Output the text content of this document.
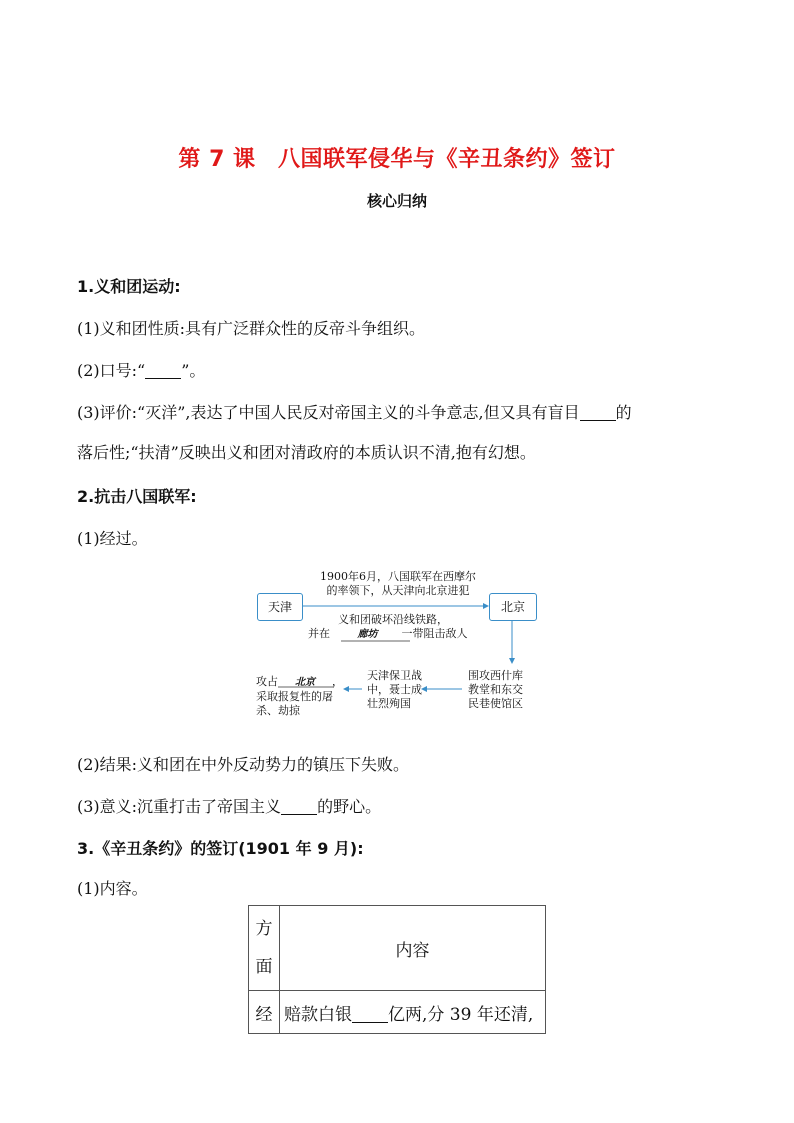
第 7 课　八国联军侵华与《辛丑条约》签订
核心归纳
1.义和团运动:
(1)义和团性质:具有广泛群众性的反帝斗争组织。
(2)口号:“ ”。
(3)评价:“灭洋”,表达了中国人民反对帝国主义的斗争意志,但又具有盲目 的
落后性;“扶清”反映出义和团对清政府的本质认识不清,抱有幻想。
2.抗击八国联军:
(1)经过。
天津	北京
1900年6月，八国联军在西摩尔
的率领下，从天津向北京进犯
义和团破坏沿线铁路，
并在	廊坊 一带阻击敌人
围攻西什库
教堂和东交
民巷使馆区
天津保卫战
中，聂士成
壮烈殉国
攻占 北京 ，
采取报复性的屠
杀、劫掠
(2)结果:义和团在中外反动势力的镇压下失败。
(3)意义:沉重打击了帝国主义 的野心。
3.《辛丑条约》的签订(1901 年 9 月):
(1)内容。
方
面	内容
经	赔款白银 亿两,分 39 年还清,
